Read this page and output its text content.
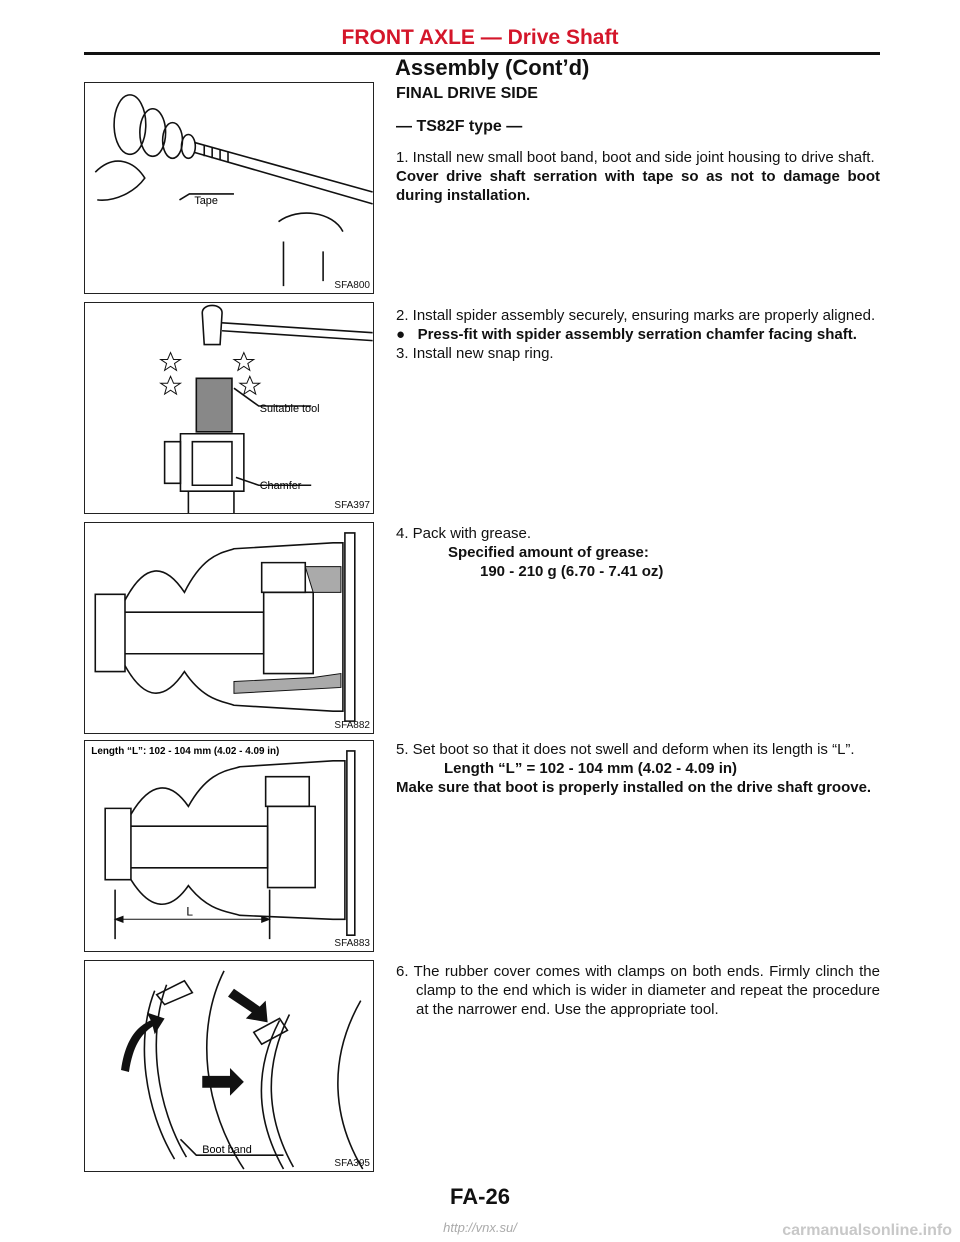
FRONT AXLE — Drive Shaft
Assembly (Cont’d)
Tape
SFA800
Suitable tool
Chamfer
SFA397
SFA882
Length “L”: 102 - 104 mm (4.02 - 4.09 in)
L
SFA883
Boot band
SFA395

FINAL DRIVE SIDE

— TS82F type —

1. Install new small boot band, boot and side joint housing to drive shaft.

Cover drive shaft serration with tape so as not to damage boot during installation.

2. Install spider assembly securely, ensuring marks are properly aligned.

● Press-fit with spider assembly serration chamfer facing shaft.

3. Install new snap ring.

4. Pack with grease.

Specified amount of grease:

190 - 210 g (6.70 - 7.41 oz)

5. Set boot so that it does not swell and deform when its length is “L”.

Length “L” = 102 - 104 mm (4.02 - 4.09 in)

Make sure that boot is properly installed on the drive shaft groove.

6. The rubber cover comes with clamps on both ends. Firmly clinch the clamp to the end which is wider in diameter and repeat the procedure at the narrower end. Use the appropriate tool.

FA-26
http://vnx.su/	carmanualsonline.info
